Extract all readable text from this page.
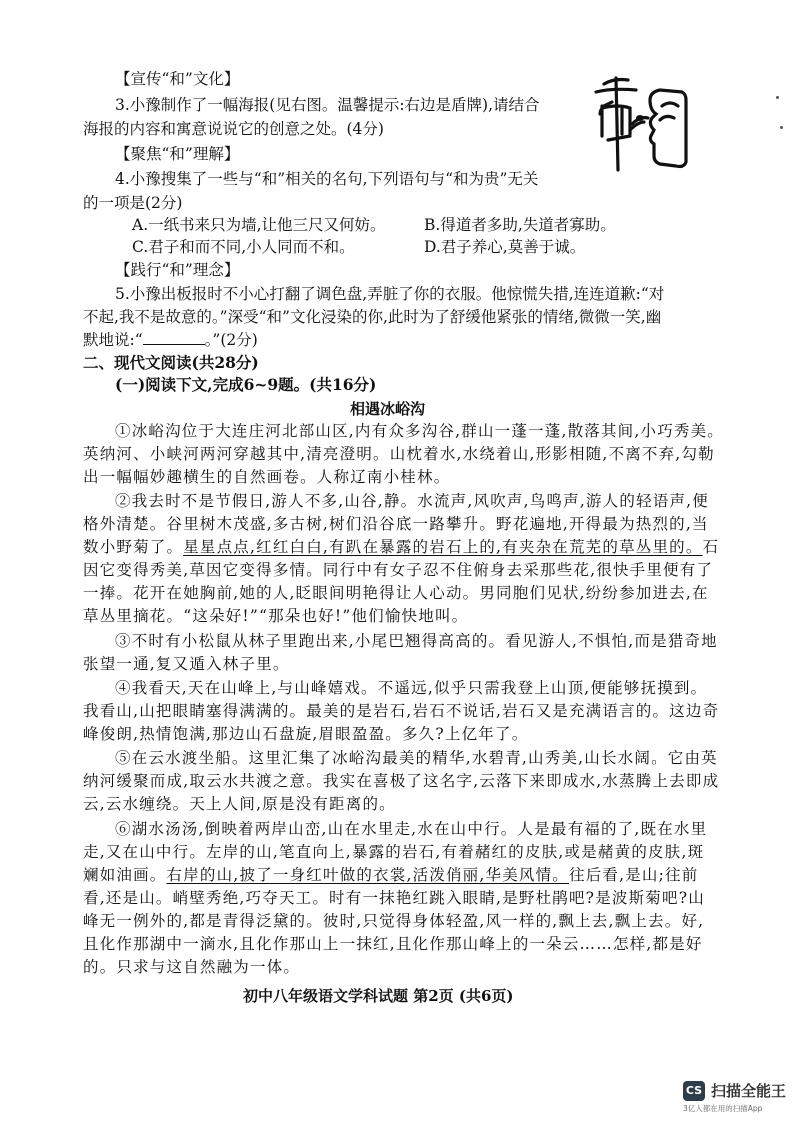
【宣传“和”文化】
3.小豫制作了一幅海报(见右图。温馨提示:右边是盾牌),请结合
海报的内容和寓意说说它的创意之处。(4分)
【聚焦“和”理解】
4.小豫搜集了一些与“和”相关的名句,下列语句与“和为贵”无关
的一项是(2分)
A.一纸书来只为墙,让他三尺又何妨。 B.得道者多助,失道者寡助。
C.君子和而不同,小人同而不和。	D.君子养心,莫善于诚。
【践行“和”理念】
5.小豫出板报时不小心打翻了调色盘,弄脏了你的衣服。他惊慌失措,连连道歉:“对
不起,我不是故意的。”深受“和”文化浸染的你,此时为了舒缓他紧张的情绪,微微一笑,幽
默地说:“	。”(2分)
二、现代文阅读(共28分)
(一)阅读下文,完成6~9题。(共16分)
相遇冰峪沟
①冰峪沟位于大连庄河北部山区,内有众多沟谷,群山一蓬一蓬,散落其间,小巧秀美。
英纳河、小峡河两河穿越其中,清亮澄明。山枕着水,水绕着山,形影相随,不离不弃,勾勒
出一幅幅妙趣横生的自然画卷。人称辽南小桂林。
②我去时不是节假日,游人不多,山谷,静。水流声,风吹声,鸟鸣声,游人的轻语声,便
格外清楚。谷里树木茂盛,多古树,树们沿谷底一路攀升。野花遍地,开得最为热烈的,当
数小野菊了。星星点点,红红白白,有趴在暴露的岩石上的,有夹杂在荒芜的草丛里的。石
因它变得秀美,草因它变得多情。同行中有女子忍不住俯身去采那些花,很快手里便有了
一捧。花开在她胸前,她的人,眨眼间明艳得让人心动。男同胞们见状,纷纷参加进去,在
草丛里摘花。“这朵好!”“那朵也好!”他们愉快地叫。
③不时有小松鼠从林子里跑出来,小尾巴翘得高高的。看见游人,不惧怕,而是猎奇地
张望一通,复又遁入林子里。
④我看天,天在山峰上,与山峰嬉戏。不遥远,似乎只需我登上山顶,便能够抚摸到。
我看山,山把眼睛塞得满满的。最美的是岩石,岩石不说话,岩石又是充满语言的。这边奇
峰俊朗,热情饱满,那边山石盘旋,眉眼盈盈。多久?上亿年了。
⑤在云水渡坐船。这里汇集了冰峪沟最美的精华,水碧青,山秀美,山长水阔。它由英
纳河缓聚而成,取云水共渡之意。我实在喜极了这名字,云落下来即成水,水蒸腾上去即成
云,云水缠绕。天上人间,原是没有距离的。
⑥湖水汤汤,倒映着两岸山峦,山在水里走,水在山中行。人是最有福的了,既在水里
走,又在山中行。左岸的山,笔直向上,暴露的岩石,有着赭红的皮肤,或是赭黄的皮肤,斑
斓如油画。右岸的山,披了一身红叶做的衣裳,活泼俏丽,华美风情。往后看,是山;往前
看,还是山。峭壁秀绝,巧夺天工。时有一抹艳红跳入眼睛,是野杜鹃吧?是波斯菊吧?山
峰无一例外的,都是青得泛黛的。彼时,只觉得身体轻盈,风一样的,飘上去,飘上去。好,
且化作那湖中一滴水,且化作那山上一抹红,且化作那山峰上的一朵云……怎样,都是好
的。只求与这自然融为一体。
初中八年级语文学科试题 第2页 (共6页)
CS 扫描全能王
3亿人都在用的扫描App
